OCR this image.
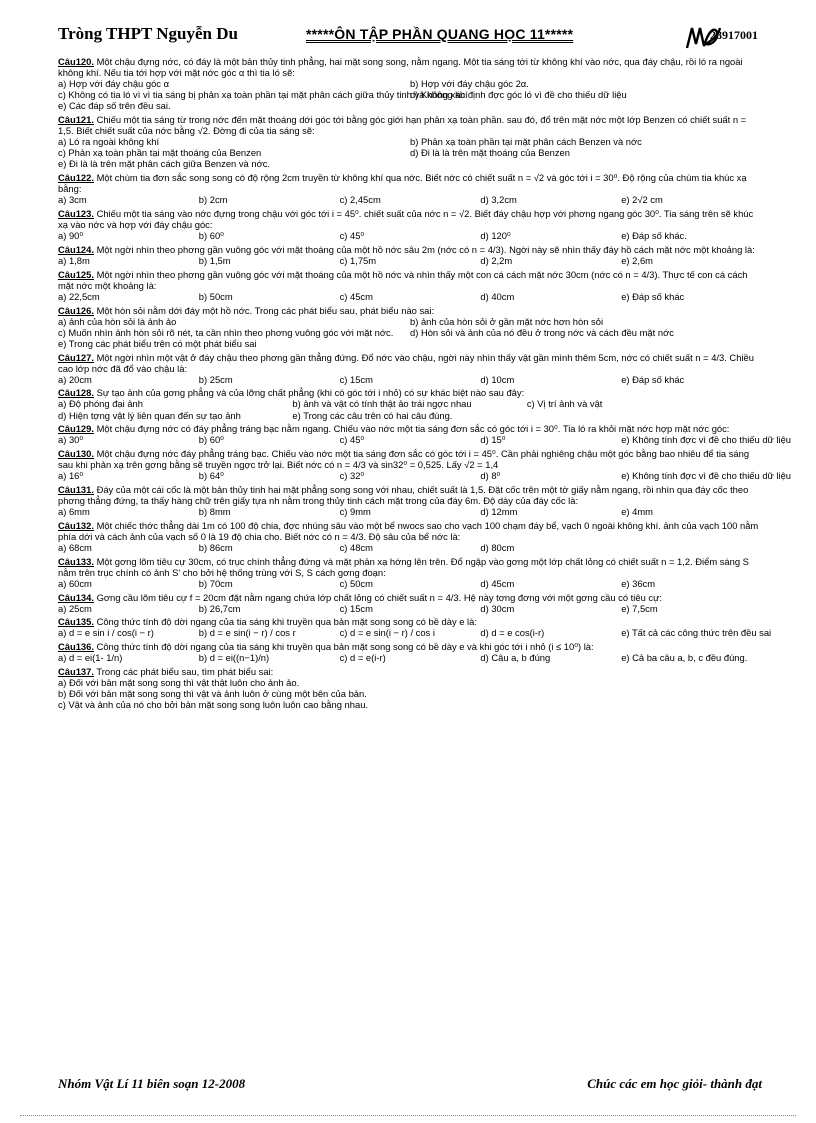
Tròng THPT Nguyễn Du	*****ÔN TẬP PHẦN QUANG HỌC 11*****	28917001

Câu120. Một chậu đựng nớc, có đáy là một bản thủy tinh phẳng, hai mặt song song, nằm ngang. Một tia sáng tới từ không khí vào nớc, qua đáy chậu, rồi ló ra ngoài không khí. Nếu tia tới hợp với mặt nớc góc α thì tia ló sẽ:

a) Hợp với đáy chậu góc α	b) Hợp với đáy chậu góc 2α.
c) Không có tia ló vì vì tia sáng bị phản xạ toàn phần tại mặt phân cách giữa thủy tinh và không khí
d) Không xác định đợc góc ló vì đề cho thiếu dữ liệu
e) Các đáp số trên đều sai.

Câu121. Chiếu một tia sáng từ trong nớc đến mặt thoáng dới góc tới bằng góc giới hạn phản xạ toàn phần. sau đó, đổ trên mặt nớc một lớp Benzen có chiết suất n = 1,5. Biết chiết suất của nớc bằng √2. Đờng đi của tia sáng sẽ:

a) Ló ra ngoài không khí	b) Phản xạ toàn phần tại mặt phân cách Benzen và nớc
c) Phản xạ toàn phần tại mặt thoáng của Benzen	d) Đi là là trên mặt thoáng của Benzen
e) Đi là là trên mặt phân cách giữa Benzen và nớc.

Câu122. Một chùm tia đơn sắc song song có độ rộng 2cm truyền từ không khí qua nớc. Biết nớc có chiết suất n = √2 và góc tới i = 30⁰. Độ rộng của chùm tia khúc xạ bằng:

a) 3cm	b) 2cm	c) 2,45cm	d) 3,2cm	e) 2√2 cm

Câu123. Chiếu một tia sáng vào nớc đựng trong chậu với góc tới i = 45⁰. chiết suất của nớc n = √2. Biết đáy chậu hợp với phơng ngang góc 30⁰. Tia sáng trên sẽ khúc xạ vào nớc và hợp với đáy chậu góc:

a) 90⁰	b) 60⁰	c) 45⁰	d) 120⁰	e) Đáp số khác.

Câu124. Một ngời nhìn theo phơng gần vuông góc với mặt thoáng của một hồ nớc sâu 2m (nớc có n = 4/3). Ngời này sẽ nhìn thấy đáy hồ cách mặt nớc một khoảng là:

a) 1,8m	b) 1,5m	c) 1,75m	d) 2,2m	e) 2,6m

Câu125. Một ngời nhìn theo phơng gần vuông góc với mặt thoáng của một hồ nớc và nhìn thấy một con cá cách mặt nớc 30cm (nớc có n = 4/3). Thực tế con cá cách mặt nớc một khoảng là:

a) 22,5cm	b) 50cm	c) 45cm	d) 40cm	e) Đáp số khác

Câu126. Một hòn sỏi nằm dới đáy một hồ nớc. Trong các phát biểu sau, phát biểu nào sai:

a) ảnh của hòn sỏi là ảnh ảo	b) ảnh của hòn sỏi ở gần mặt nớc hơn hòn sỏi
c) Muốn nhìn ảnh hòn sỏi rõ nét, ta cần nhìn theo phơng vuông góc với mặt nớc.	d) Hòn sỏi và ảnh của nó đều ở trong nớc và cách đều mặt nớc
e) Trong các phát biểu trên có một phát biểu sai

Câu127. Một ngời nhìn một vật ở đáy chậu theo phơng gần thẳng đứng. Đổ nớc vào chậu, ngời này nhìn thấy vật gần mình thêm 5cm, nớc có chiết suất n = 4/3. Chiều cao lớp nớc đã đổ vào chậu là:

a) 20cm	b) 25cm	c) 15cm	d) 10cm	e) Đáp số khác

Câu128. Sự tạo ảnh của gơng phẳng và của lỡng chất phẳng (khi có góc tới i nhỏ) có sự khác biệt nào sau đây:

a) Độ phóng đại ảnh	b) ảnh và vật có tính thật ảo trái ngợc nhau	c) Vị trí ảnh và vật
d) Hiện tợng vật lý liên quan đến sự tạo ảnh	e) Trong các câu trên có hai câu đúng.

Câu129. Một chậu đựng nớc có đáy phẳng tráng bạc nằm ngang. Chiếu vào nớc một tia sáng đơn sắc có góc tới i = 30⁰. Tia ló ra khỏi mặt nớc hợp mặt nớc góc:

a) 30⁰	b) 60⁰	c) 45⁰	d) 15⁰	e) Không tính đợc vì đề cho thiếu dữ liệu

Câu130. Một chậu đựng nớc đáy phẳng tráng bạc. Chiếu vào nớc một tia sáng đơn sắc có góc tới i = 45⁰. Cần phải nghiêng chậu một góc bằng bao nhiêu để tia sáng sau khi phản xạ trên gơng bằng sẽ truyền ngợc trở lại. Biết nớc có n = 4/3 và sin32⁰ = 0,525. Lấy √2 = 1,4

a) 16⁰	b) 64⁰	c) 32⁰	d) 8⁰	e) Không tính đợc vì đề cho thiếu dữ liệu

Câu131. Đáy của một cái cốc là một bản thủy tinh hai mặt phẳng song song với nhau, chiết suất là 1,5. Đặt cốc trên một tờ giấy nằm ngang, rồi nhìn qua đáy cốc theo phơng thẳng đứng, ta thấy hàng chữ trên giấy tựa nh nằm trong thủy tinh cách mặt trong của đáy 6m. Độ dày của đáy cốc là:

a) 6mm	b) 8mm	c) 9mm	d) 12mm	e) 4mm

Câu132. Một chiếc thớc thẳng dài 1m có 100 độ chia, đợc nhúng sâu vào một bể nwocs sao cho vạch 100 chạm đáy bể, vạch 0 ngoài không khí. ảnh của vạch 100 nằm phía dới và cách ảnh của vạch số 0 là 19 độ chia cho. Biết nớc có n = 4/3. Độ sâu của bể nớc là:

a) 68cm	b) 86cm	c) 48cm	d) 80cm

Câu133. Một gơng lõm tiêu cự 30cm, có trục chính thẳng đứng và mặt phản xạ hớng lên trên. Đổ ngập vào gơng một lớp chất lỏng có chiết suất n = 1,2. Điểm sáng S nằm trên trục chính có ảnh S' cho bởi hệ thống trùng với S, S cách gơng đoạn:

a) 60cm	b) 70cm	c) 50cm	d) 45cm	e) 36cm

Câu134. Gơng cầu lõm tiêu cự f = 20cm đặt nằm ngang chứa lớp chất lỏng có chiết suất n = 4/3. Hệ này tơng đơng với một gơng cầu có tiêu cự:

a) 25cm	b) 26,7cm	c) 15cm	d) 30cm	e) 7,5cm

Câu135. Công thức tính độ dời ngang của tia sáng khi truyền qua bản mặt song song có bề dày e là:

a) d = e sin i / cos(i − r)	b) d = e sin(i − r) / cos r	c) d = e sin(i − r) / cos i	d) d = e cos(i-r)	e) Tất cả các công thức trên đều sai

Câu136. Công thức tính độ dời ngang của tia sáng khi truyền qua bản mặt song song có bề dày e và khi góc tới i nhỏ (i ≤ 10⁰) là:

a) d = ei(1- 1/n)	b) d = ei((n−1)/n)	c) d = e(i-r)	d) Câu a, b đúng	e) Cả ba câu a, b, c đều đúng.

Câu137. Trong các phát biểu sau, tìm phát biểu sai:

a) Đối với bản mặt song song thì vật thật luôn cho ảnh ảo.
b) Đối với bản mặt song song thì vật và ảnh luôn ở cùng một bên của bản.
c) Vật và ảnh của nó cho bởi bản mặt song song luôn luôn cao bằng nhau.
Nhóm Vật Lí 11 biên soạn 12-2008	Chúc các em học giỏi- thành đạt
